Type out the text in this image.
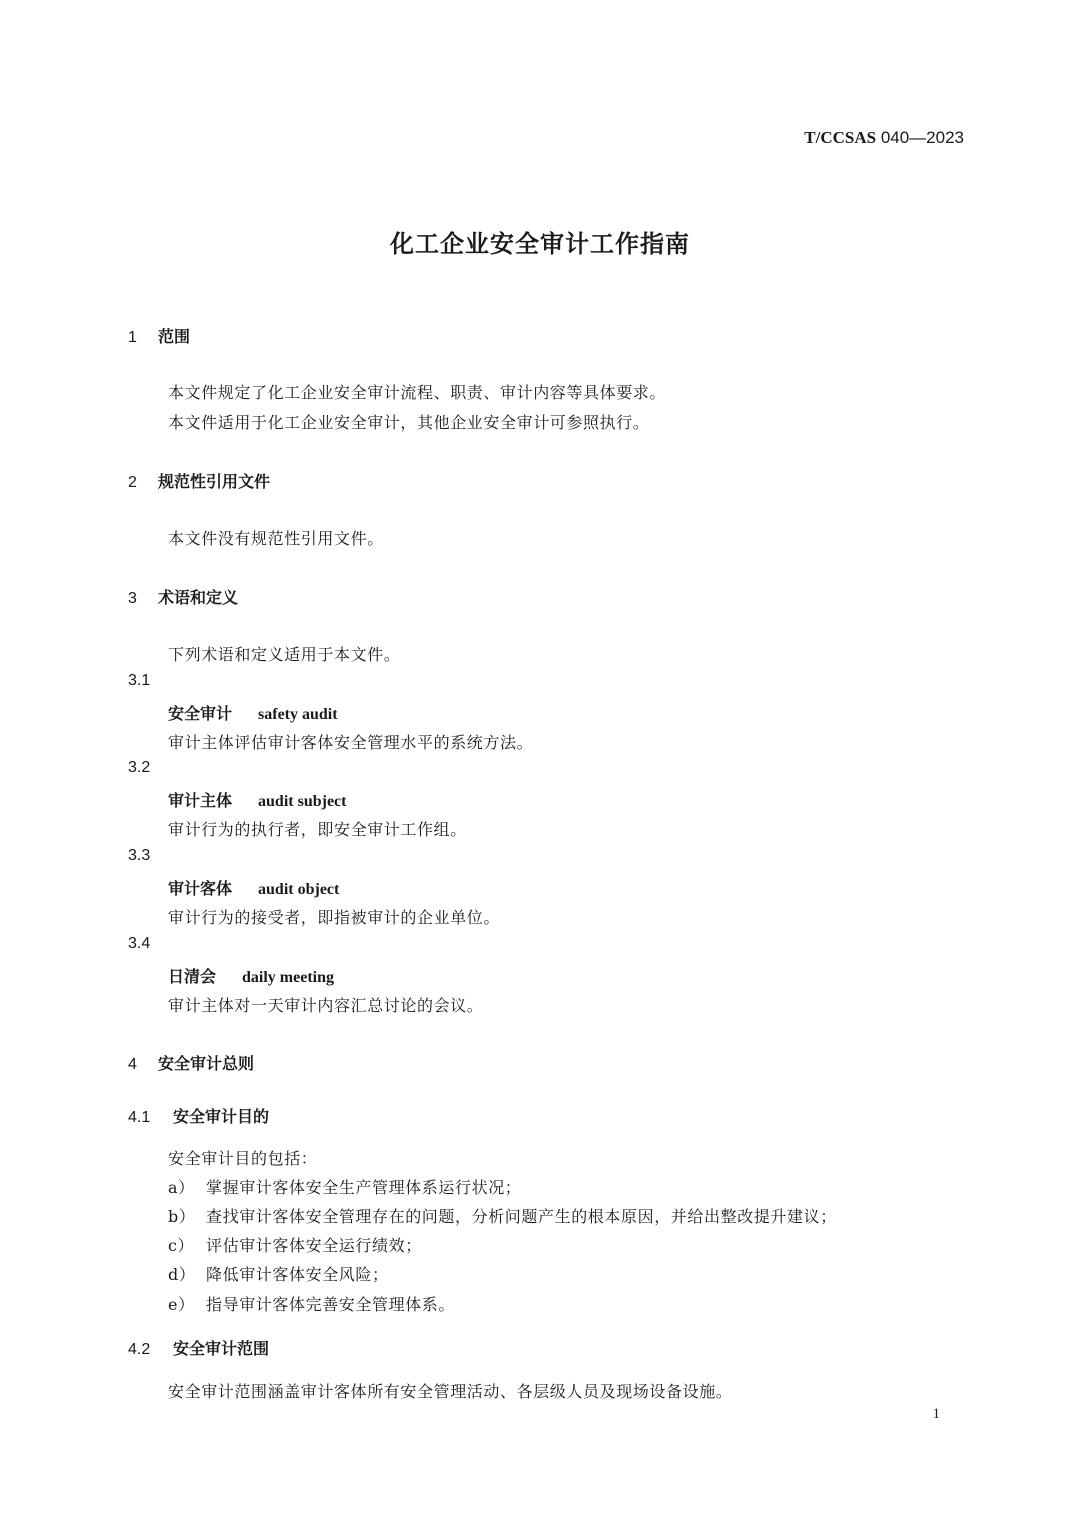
T/CCSAS 040—2023
化工企业安全审计工作指南
1 范围
本文件规定了化工企业安全审计流程、职责、审计内容等具体要求。
本文件适用于化工企业安全审计，其他企业安全审计可参照执行。
2 规范性引用文件
本文件没有规范性引用文件。
3 术语和定义
下列术语和定义适用于本文件。
3.1
安全审计 safety audit
审计主体评估审计客体安全管理水平的系统方法。
3.2
审计主体 audit subject
审计行为的执行者，即安全审计工作组。
3.3
审计客体 audit object
审计行为的接受者，即指被审计的企业单位。
3.4
日清会 daily meeting
审计主体对一天审计内容汇总讨论的会议。
4 安全审计总则
4.1 安全审计目的
安全审计目的包括：
a） 掌握审计客体安全生产管理体系运行状况；
b） 查找审计客体安全管理存在的问题，分析问题产生的根本原因，并给出整改提升建议；
c） 评估审计客体安全运行绩效；
d） 降低审计客体安全风险；
e） 指导审计客体完善安全管理体系。
4.2 安全审计范围
安全审计范围涵盖审计客体所有安全管理活动、各层级人员及现场设备设施。
1
